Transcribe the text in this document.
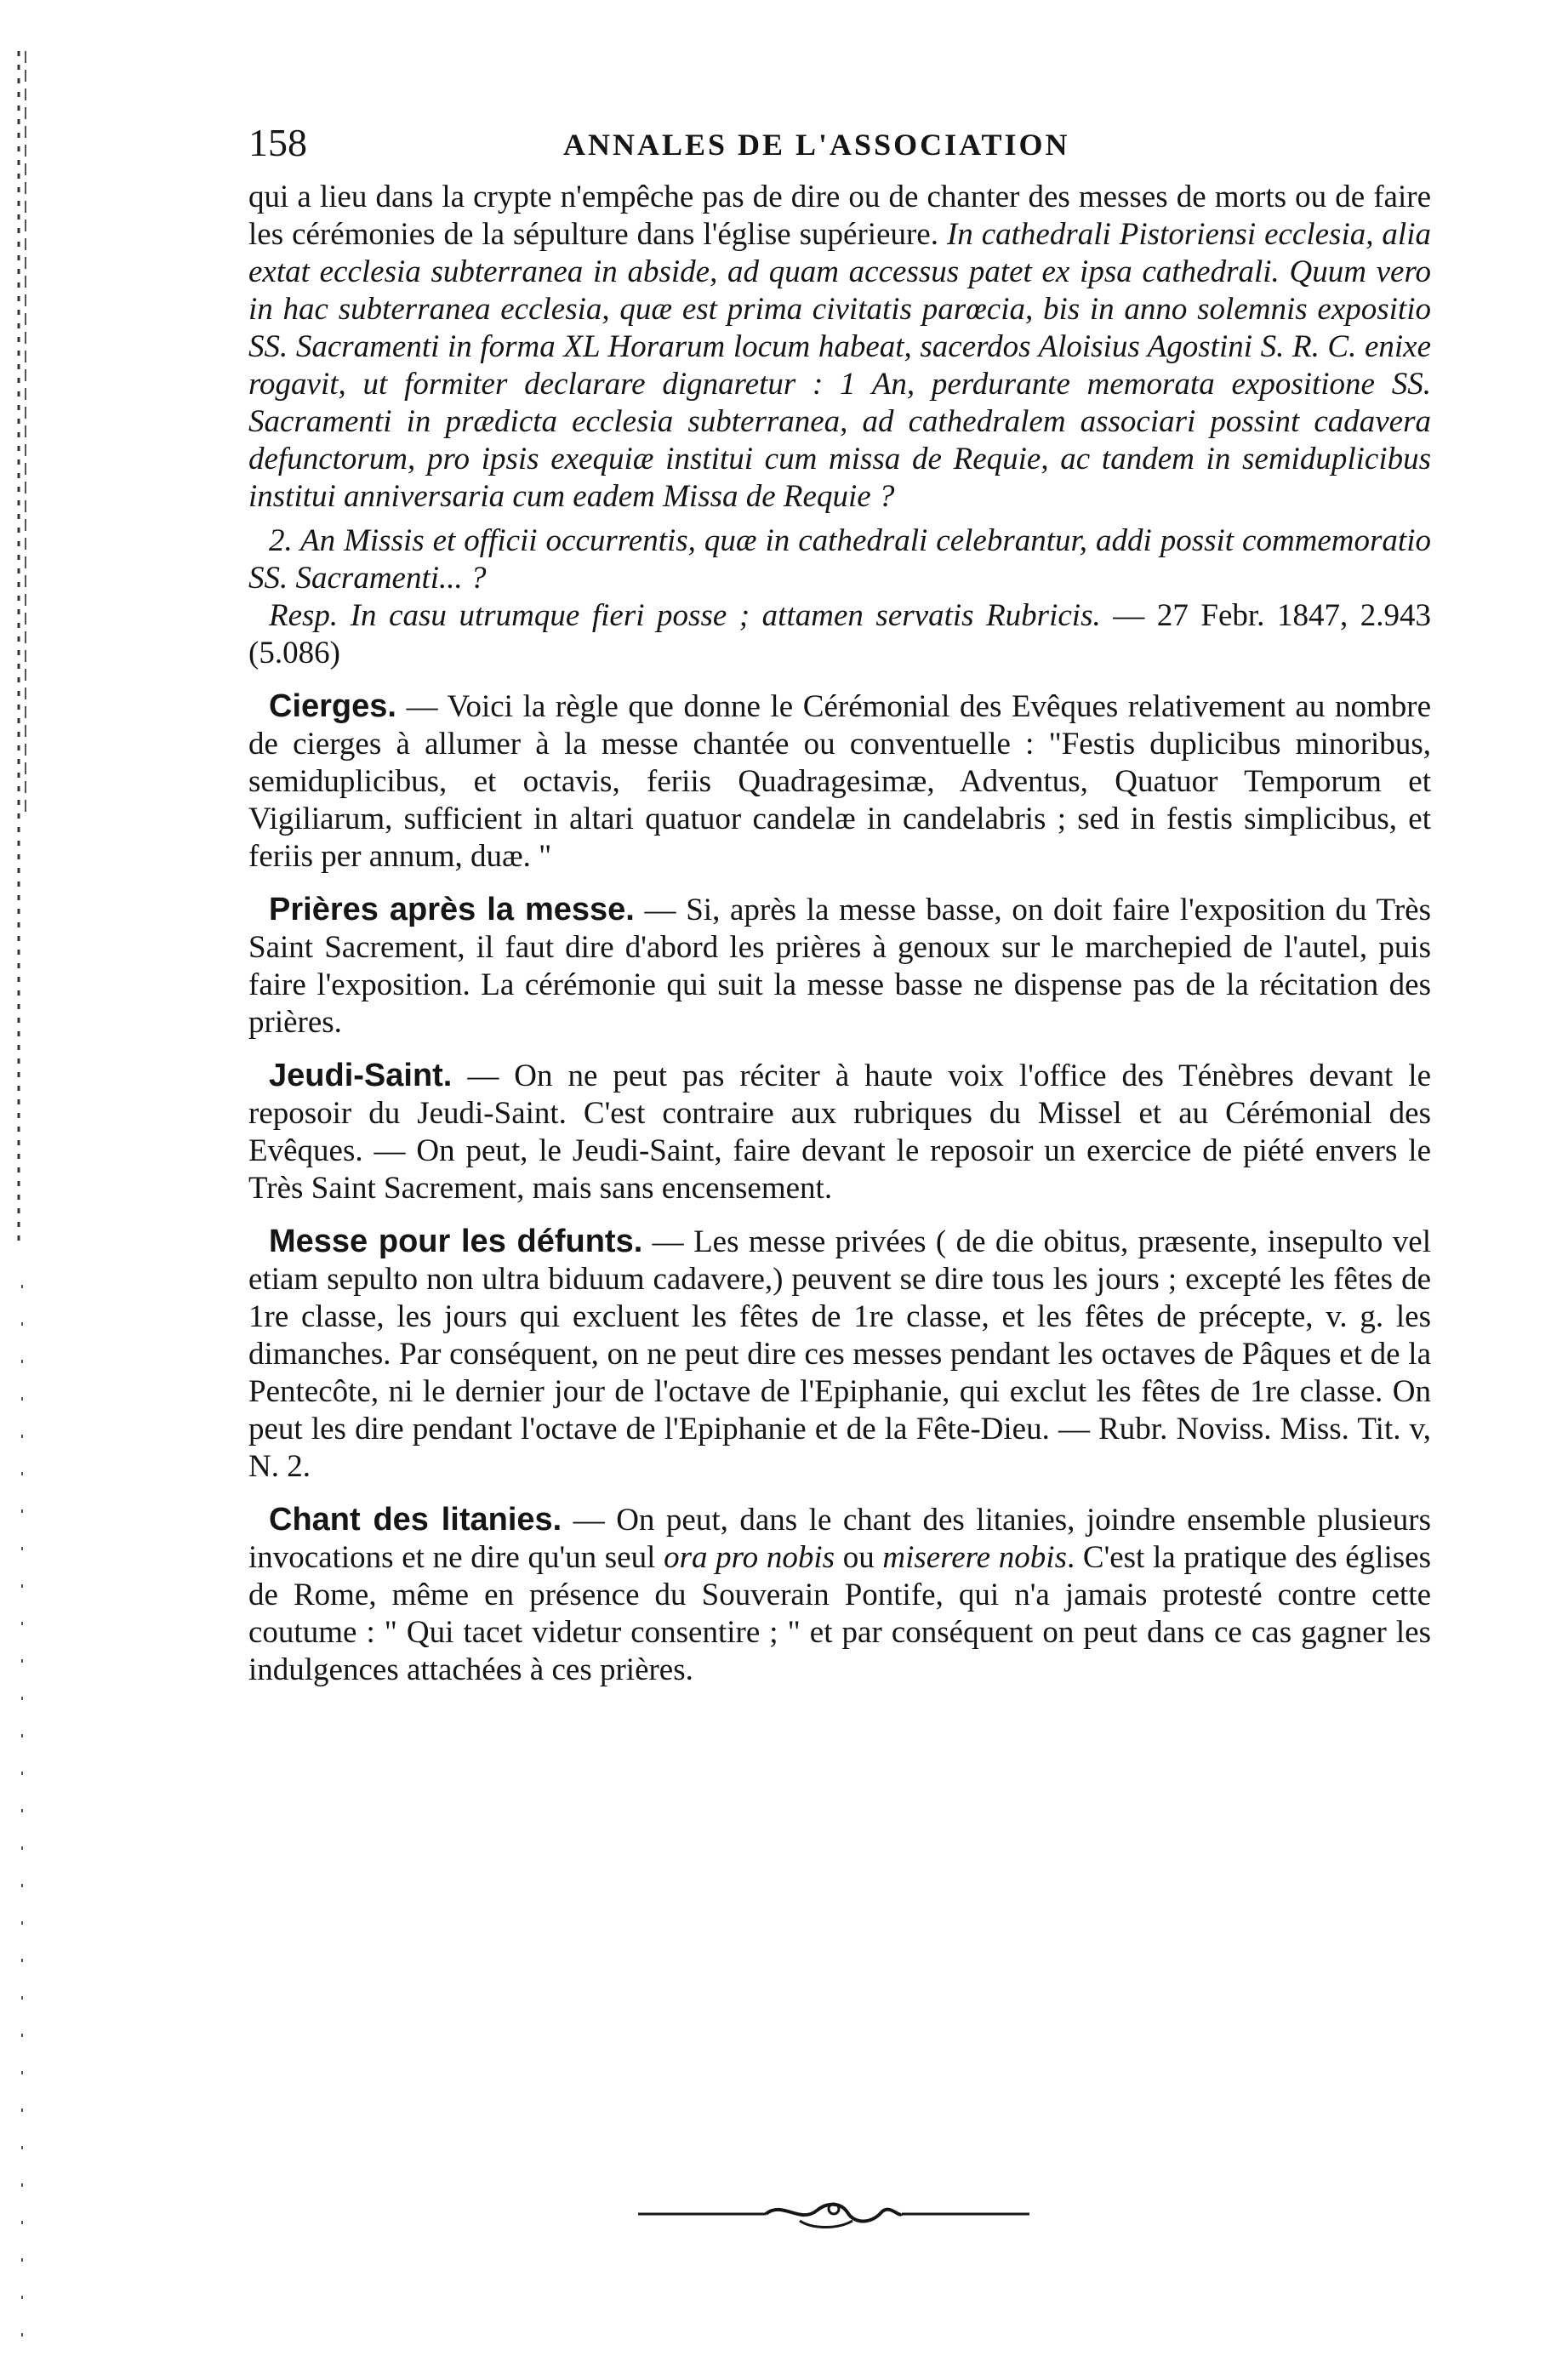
158	ANNALES DE L'ASSOCIATION

qui a lieu dans la crypte n'empêche pas de dire ou de chanter des messes de morts ou de faire les cérémonies de la sépulture dans l'église supérieure. In cathedrali Pistoriensi ecclesia, alia extat ecclesia subterranea in abside, ad quam accessus patet ex ipsa cathedrali. Quum vero in hac subterranea ecclesia, quæ est prima civitatis parœcia, bis in anno solemnis expositio SS. Sacramenti in forma XL Horarum locum habeat, sacerdos Aloisius Agostini S. R. C. enixe rogavit, ut formiter declarare dignaretur : 1 An, perdurante memorata expositione SS. Sacramenti in prædicta ecclesia subterranea, ad cathedralem associari possint cadavera defunctorum, pro ipsis exequiæ institui cum missa de Requie, ac tandem in semiduplicibus institui anniversaria cum eadem Missa de Requie ?

2. An Missis et officii occurrentis, quæ in cathedrali celebrantur, addi possit commemoratio SS. Sacramenti... ?

Resp. In casu utrumque fieri posse ; attamen servatis Rubricis. — 27 Febr. 1847, 2.943 (5.086)

Cierges. — Voici la règle que donne le Cérémonial des Evêques relativement au nombre de cierges à allumer à la messe chantée ou conventuelle : "Festis duplicibus minoribus, semiduplicibus, et octavis, feriis Quadragesimæ, Adventus, Quatuor Temporum et Vigiliarum, sufficient in altari quatuor candelæ in candelabris ; sed in festis simplicibus, et feriis per annum, duæ. "

Prières après la messe. — Si, après la messe basse, on doit faire l'exposition du Très Saint Sacrement, il faut dire d'abord les prières à genoux sur le marchepied de l'autel, puis faire l'exposition. La cérémonie qui suit la messe basse ne dispense pas de la récitation des prières.

Jeudi-Saint. — On ne peut pas réciter à haute voix l'office des Ténèbres devant le reposoir du Jeudi-Saint. C'est contraire aux rubriques du Missel et au Cérémonial des Evêques. — On peut, le Jeudi-Saint, faire devant le reposoir un exercice de piété envers le Très Saint Sacrement, mais sans encensement.

Messe pour les défunts. — Les messe privées ( de die obitus, præsente, insepulto vel etiam sepulto non ultra biduum cadavere,) peuvent se dire tous les jours ; excepté les fêtes de 1re classe, les jours qui excluent les fêtes de 1re classe, et les fêtes de précepte, v. g. les dimanches. Par conséquent, on ne peut dire ces messes pendant les octaves de Pâques et de la Pentecôte, ni le dernier jour de l'octave de l'Epiphanie, qui exclut les fêtes de 1re classe. On peut les dire pendant l'octave de l'Epiphanie et de la Fête-Dieu. — Rubr. Noviss. Miss. Tit. v, N. 2.

Chant des litanies. — On peut, dans le chant des litanies, joindre ensemble plusieurs invocations et ne dire qu'un seul ora pro nobis ou miserere nobis. C'est la pratique des églises de Rome, même en présence du Souverain Pontife, qui n'a jamais protesté contre cette coutume : " Qui tacet videtur consentire ; " et par conséquent on peut dans ce cas gagner les indulgences attachées à ces prières.
